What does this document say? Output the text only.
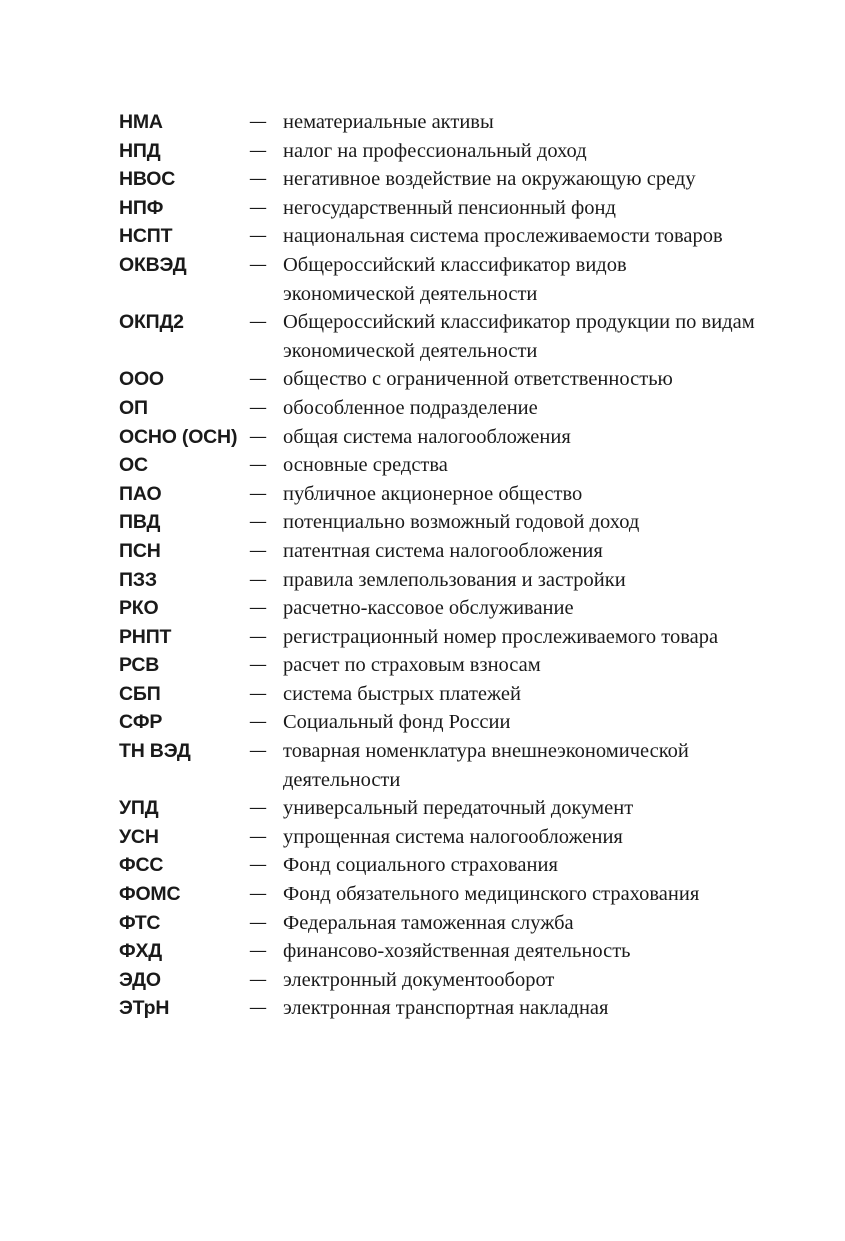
НМА	— нематериальные активы
НПД	— налог на профессиональный доход
НВОС	— негативное воздействие на окружающую среду
НПФ	— негосударственный пенсионный фонд
НСПТ	— национальная система прослеживаемости товаров
ОКВЭД	— Общероссийский классификатор видов экономической деятельности
ОКПД2	— Общероссийский классификатор продукции по видам экономической деятельности
ООО	— общество с ограниченной ответственностью
ОП	— обособленное подразделение
ОСНО (ОСН) — общая система налогообложения
ОС	— основные средства
ПАО	— публичное акционерное общество
ПВД	— потенциально возможный годовой доход
ПСН	— патентная система налогообложения
ПЗЗ	— правила землепользования и застройки
РКО	— расчетно-кассовое обслуживание
РНПТ	— регистрационный номер прослеживаемого товара
РСВ	— расчет по страховым взносам
СБП	— система быстрых платежей
СФР	— Социальный фонд России
ТН ВЭД	— товарная номенклатура внешнеэкономической деятельности
УПД	— универсальный передаточный документ
УСН	— упрощенная система налогообложения
ФСС	— Фонд социального страхования
ФОМС	— Фонд обязательного медицинского страхования
ФТС	— Федеральная таможенная служба
ФХД	— финансово-хозяйственная деятельность
ЭДО	— электронный документооборот
ЭТрН	— электронная транспортная накладная
